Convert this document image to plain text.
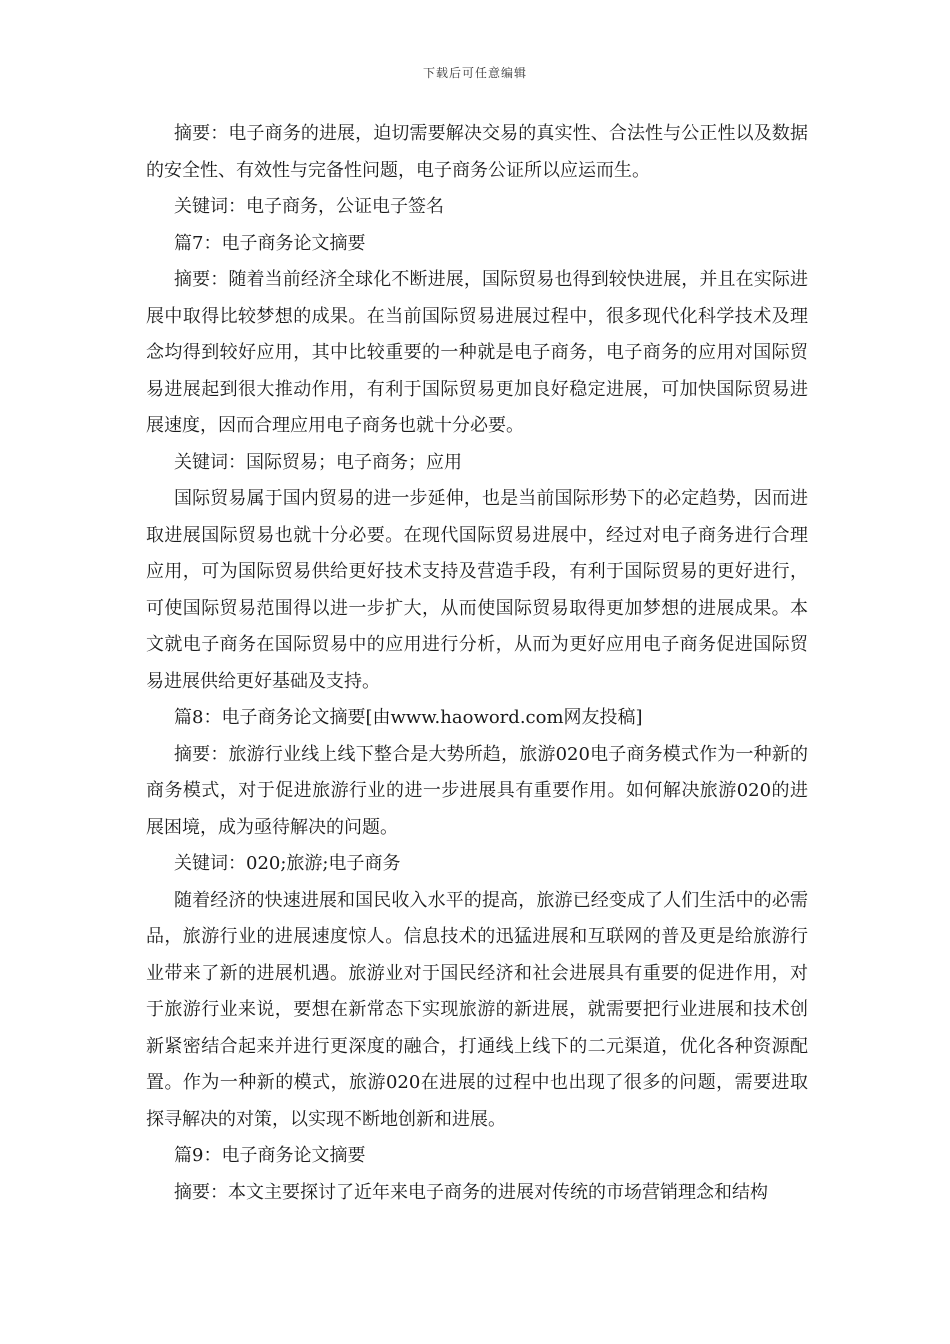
下载后可任意编辑

摘要：电子商务的进展，迫切需要解决交易的真实性、合法性与公正性以及数据的安全性、有效性与完备性问题，电子商务公证所以应运而生。

关键词：电子商务，公证电子签名

篇7：电子商务论文摘要

摘要：随着当前经济全球化不断进展，国际贸易也得到较快进展，并且在实际进展中取得比较梦想的成果。在当前国际贸易进展过程中，很多现代化科学技术及理念均得到较好应用，其中比较重要的一种就是电子商务，电子商务的应用对国际贸易进展起到很大推动作用，有利于国际贸易更加良好稳定进展，可加快国际贸易进展速度，因而合理应用电子商务也就十分必要。

关键词：国际贸易；电子商务；应用

国际贸易属于国内贸易的进一步延伸，也是当前国际形势下的必定趋势，因而进取进展国际贸易也就十分必要。在现代国际贸易进展中，经过对电子商务进行合理应用，可为国际贸易供给更好技术支持及营造手段，有利于国际贸易的更好进行，可使国际贸易范围得以进一步扩大，从而使国际贸易取得更加梦想的进展成果。本文就电子商务在国际贸易中的应用进行分析，从而为更好应用电子商务促进国际贸易进展供给更好基础及支持。

篇8：电子商务论文摘要[由www.haoword.com网友投稿]

摘要：旅游行业线上线下整合是大势所趋，旅游020电子商务模式作为一种新的商务模式，对于促进旅游行业的进一步进展具有重要作用。如何解决旅游020的进展困境，成为亟待解决的问题。

关键词：020;旅游;电子商务

随着经济的快速进展和国民收入水平的提高，旅游已经变成了人们生活中的必需品，旅游行业的进展速度惊人。信息技术的迅猛进展和互联网的普及更是给旅游行业带来了新的进展机遇。旅游业对于国民经济和社会进展具有重要的促进作用，对于旅游行业来说，要想在新常态下实现旅游的新进展，就需要把行业进展和技术创新紧密结合起来并进行更深度的融合，打通线上线下的二元渠道，优化各种资源配置。作为一种新的模式，旅游020在进展的过程中也出现了很多的问题，需要进取探寻解决的对策，以实现不断地创新和进展。

篇9：电子商务论文摘要

摘要：本文主要探讨了近年来电子商务的进展对传统的市场营销理念和结构
